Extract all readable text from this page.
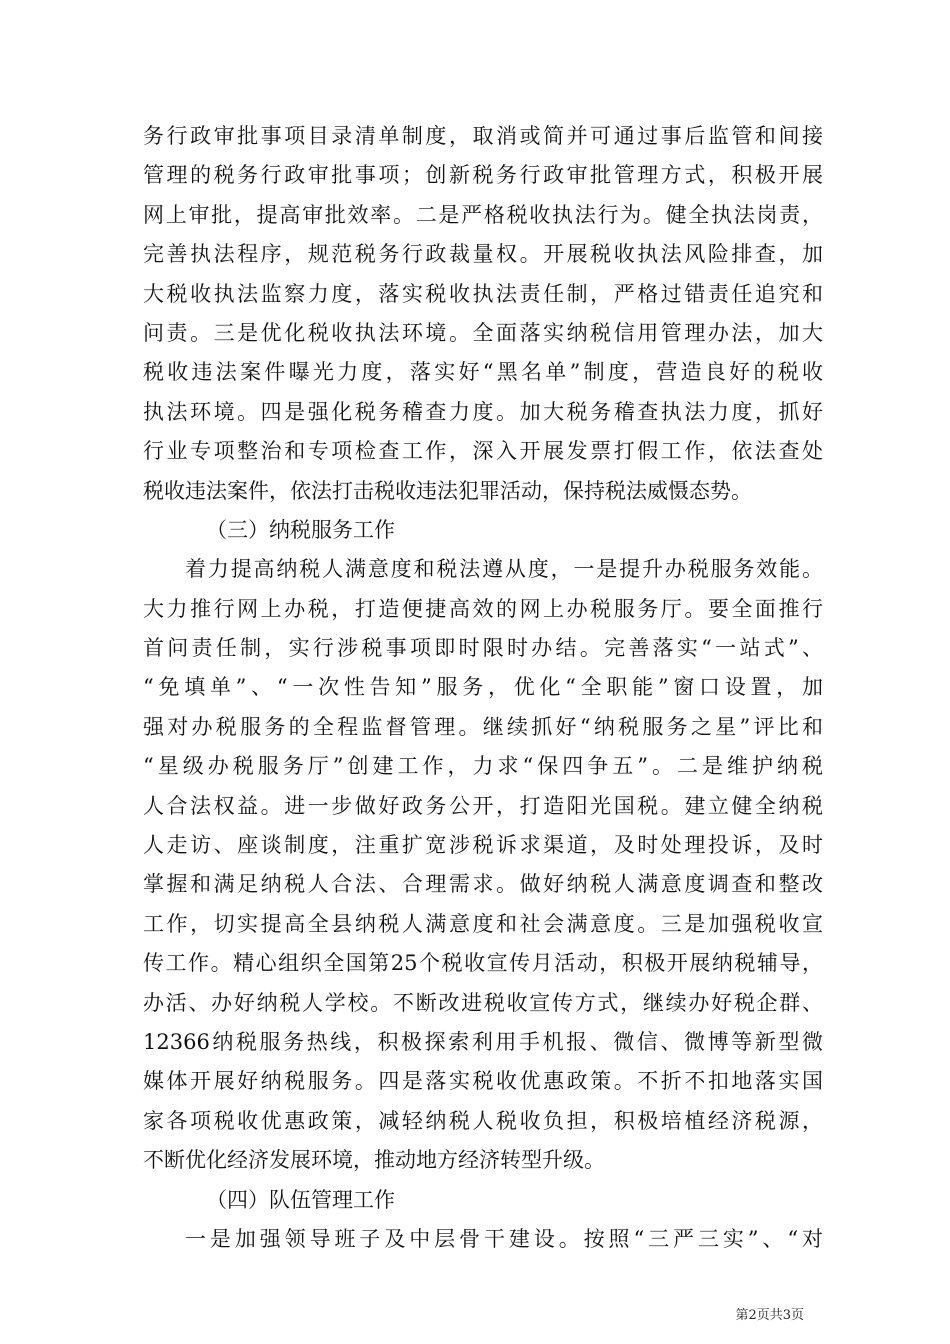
务行政审批事项目录清单制度，取消或简并可通过事后监管和间接
管理的税务行政审批事项；创新税务行政审批管理方式，积极开展
网上审批，提高审批效率。二是严格税收执法行为。健全执法岗责，
完善执法程序，规范税务行政裁量权。开展税收执法风险排查，加
大税收执法监察力度，落实税收执法责任制，严格过错责任追究和
问责。三是优化税收执法环境。全面落实纳税信用管理办法，加大
税收违法案件曝光力度，落实好“黑名单”制度，营造良好的税收
执法环境。四是强化税务稽查力度。加大税务稽查执法力度，抓好
行业专项整治和专项检查工作，深入开展发票打假工作，依法查处
税收违法案件，依法打击税收违法犯罪活动，保持税法威慑态势。
（三）纳税服务工作
着力提高纳税人满意度和税法遵从度，一是提升办税服务效能。
大力推行网上办税，打造便捷高效的网上办税服务厅。要全面推行
首问责任制，实行涉税事项即时限时办结。完善落实“一站式”、
“免填单”、“一次性告知”服务，优化“全职能”窗口设置，加
强对办税服务的全程监督管理。继续抓好“纳税服务之星”评比和
“星级办税服务厅”创建工作，力求“保四争五”。二是维护纳税
人合法权益。进一步做好政务公开，打造阳光国税。建立健全纳税
人走访、座谈制度，注重扩宽涉税诉求渠道，及时处理投诉，及时
掌握和满足纳税人合法、合理需求。做好纳税人满意度调查和整改
工作，切实提高全县纳税人满意度和社会满意度。三是加强税收宣
传工作。精心组织全国第25个税收宣传月活动，积极开展纳税辅导，
办活、办好纳税人学校。不断改进税收宣传方式，继续办好税企群、
12366纳税服务热线，积极探索利用手机报、微信、微博等新型微
媒体开展好纳税服务。四是落实税收优惠政策。不折不扣地落实国
家各项税收优惠政策，减轻纳税人税收负担，积极培植经济税源，
不断优化经济发展环境，推动地方经济转型升级。
（四）队伍管理工作
一是加强领导班子及中层骨干建设。按照“三严三实”、“对
第2页共3页
